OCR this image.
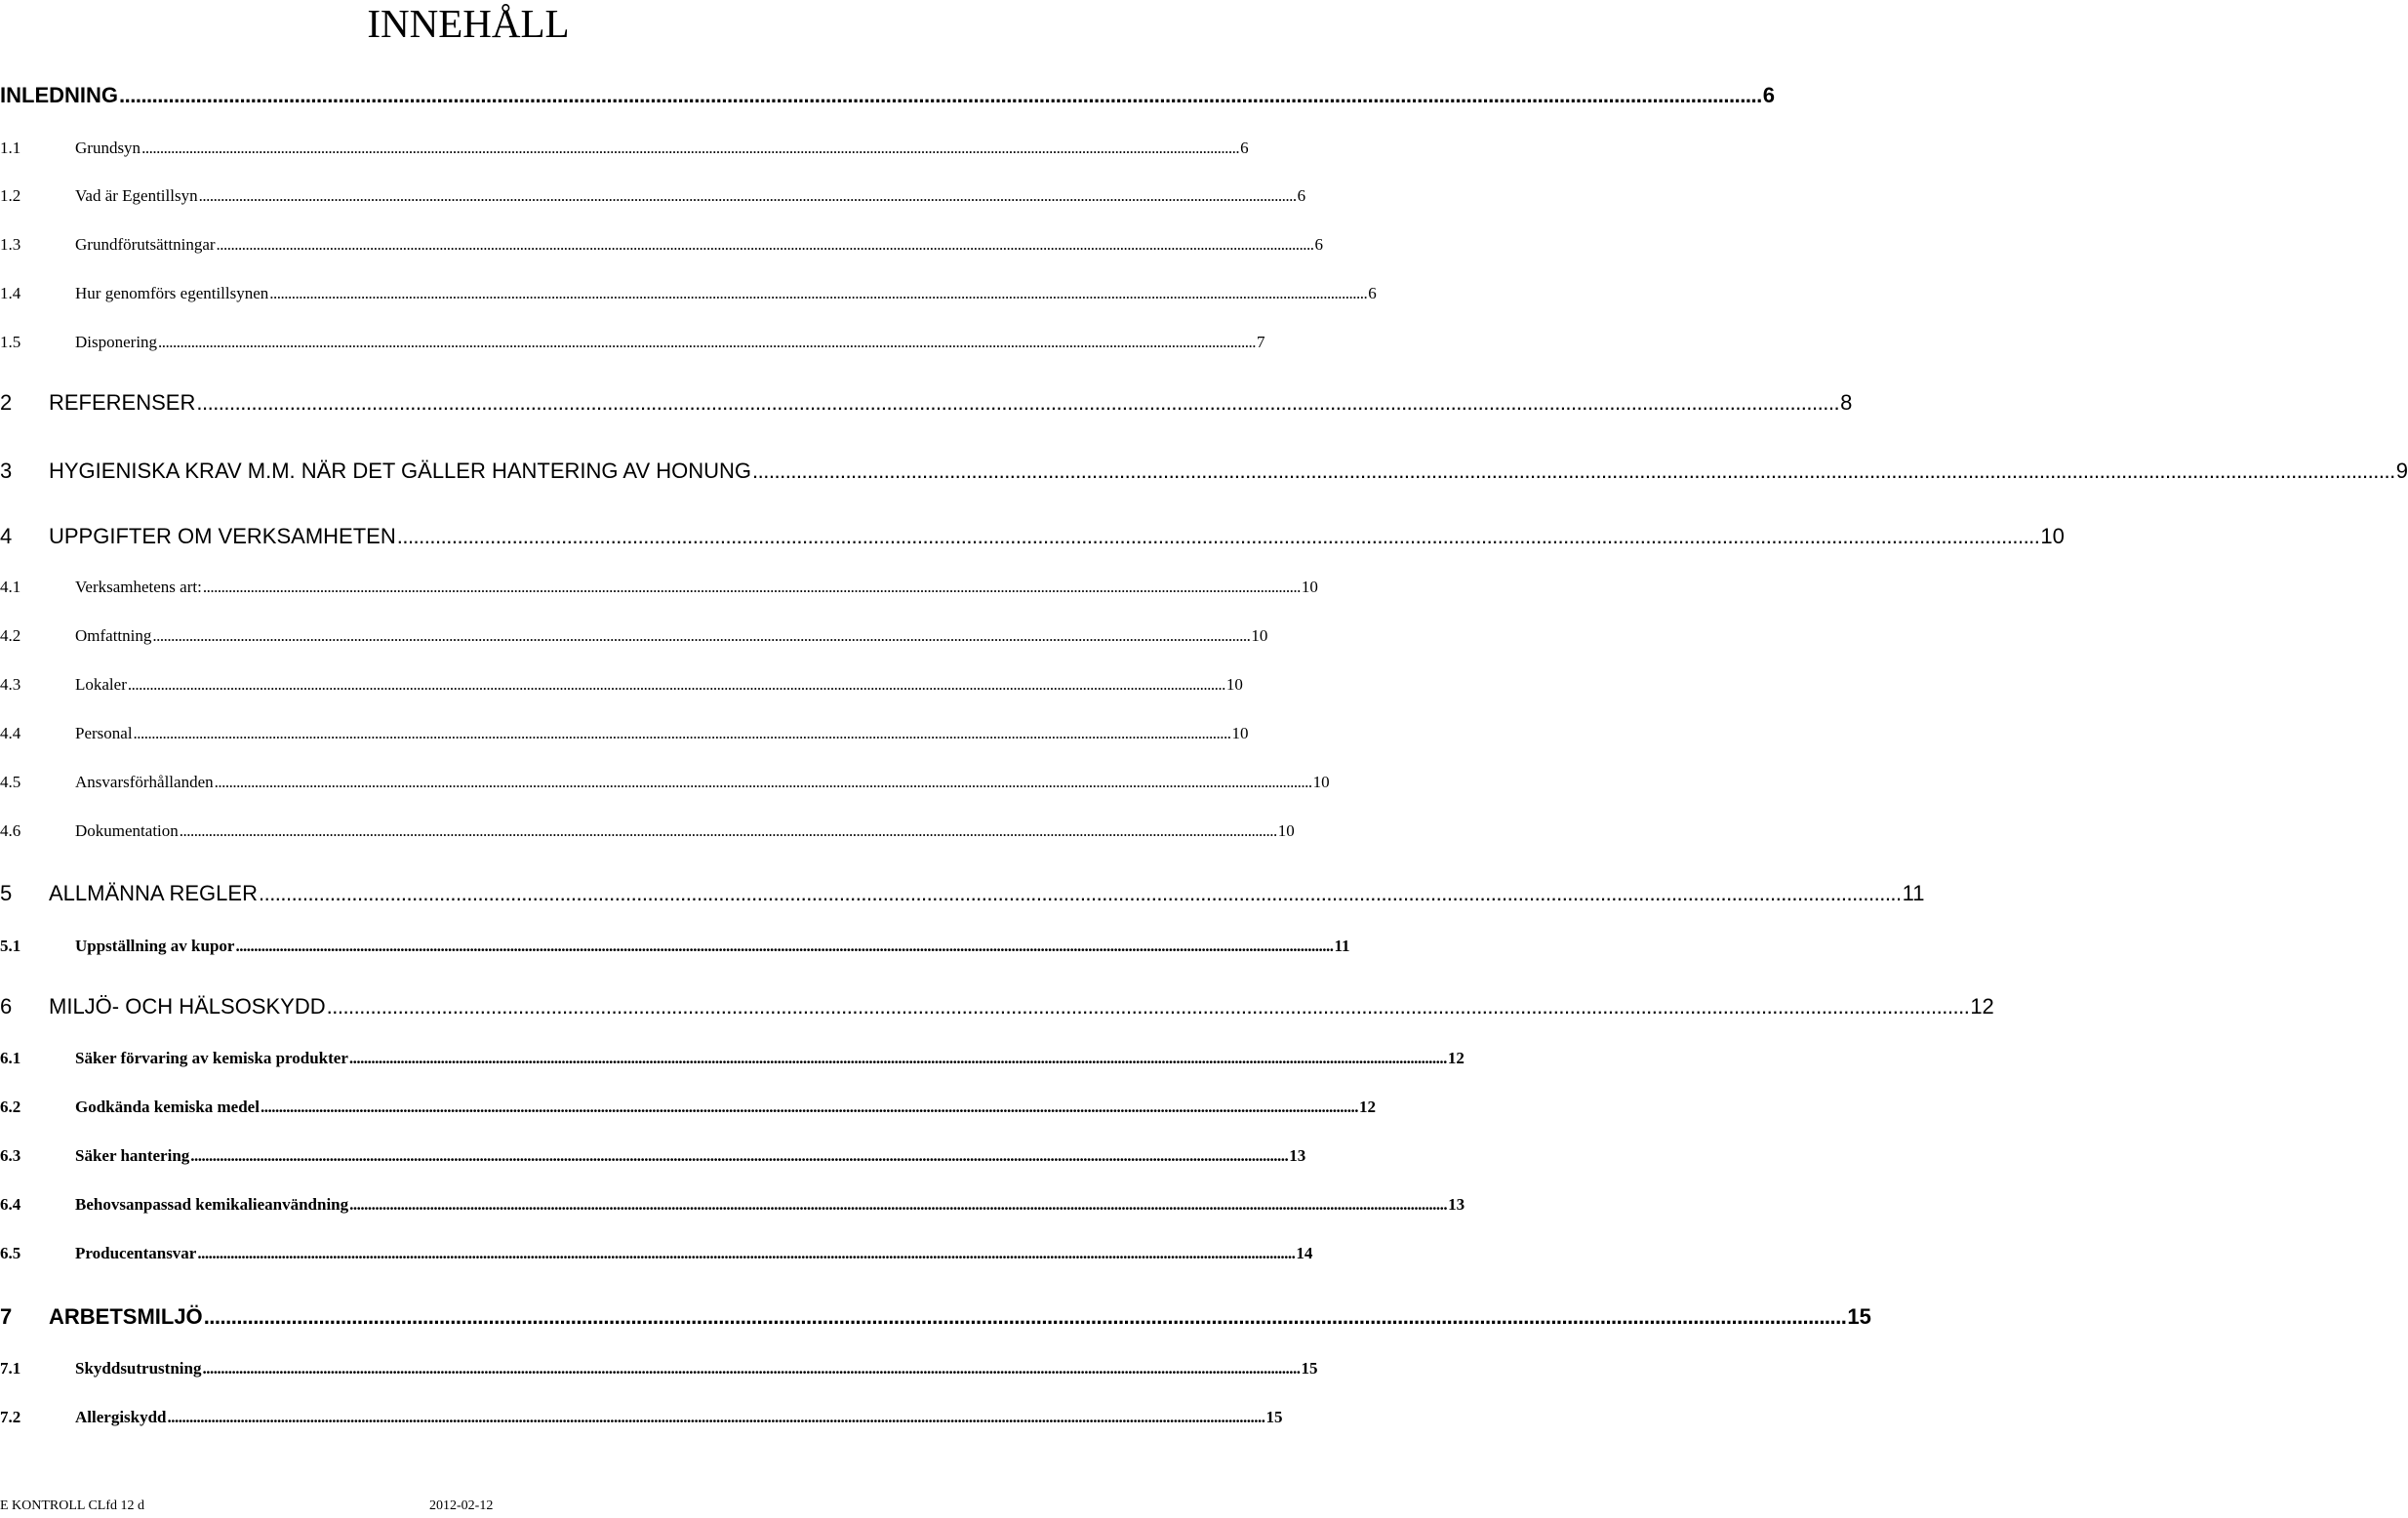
INNEHÅLL
INLEDNING ............................................................................................................................................................................................................................................................................................................ 6
1.1	Grundsyn ............................................................................................................................................................................................................................................................................................................ 6
1.2	Vad är Egentillsyn ............................................................................................................................................................................................................................................................................................................ 6
1.3	Grundförutsättningar ............................................................................................................................................................................................................................................................................................................ 6
1.4	Hur genomförs egentillsynen ............................................................................................................................................................................................................................................................................................................ 6
1.5	Disponering ............................................................................................................................................................................................................................................................................................................ 7
2 REFERENSER ............................................................................................................................................................................................................................................................................................................ 8
3 HYGIENISKA KRAV M.M. NÄR DET GÄLLER HANTERING AV HONUNG ............................................................................................................................................................................................................................................................................................................ 9
4 UPPGIFTER OM VERKSAMHETEN ............................................................................................................................................................................................................................................................................................................ 10
4.1	Verksamhetens art: ............................................................................................................................................................................................................................................................................................................ 10
4.2	Omfattning ............................................................................................................................................................................................................................................................................................................ 10
4.3	Lokaler ............................................................................................................................................................................................................................................................................................................ 10
4.4	Personal ............................................................................................................................................................................................................................................................................................................ 10
4.5	Ansvarsförhållanden ............................................................................................................................................................................................................................................................................................................ 10
4.6	Dokumentation ............................................................................................................................................................................................................................................................................................................ 10
5 ALLMÄNNA REGLER ............................................................................................................................................................................................................................................................................................................ 11
5.1	Uppställning av kupor ............................................................................................................................................................................................................................................................................................................ 11
6 MILJÖ- OCH HÄLSOSKYDD ............................................................................................................................................................................................................................................................................................................ 12
6.1	Säker förvaring av kemiska produkter ............................................................................................................................................................................................................................................................................................................ 12
6.2	Godkända kemiska medel ............................................................................................................................................................................................................................................................................................................ 12
6.3	Säker hantering ............................................................................................................................................................................................................................................................................................................ 13
6.4	Behovsanpassad kemikalieanvändning ............................................................................................................................................................................................................................................................................................................ 13
6.5	Producentansvar ............................................................................................................................................................................................................................................................................................................ 14
7 ARBETSMILJÖ ............................................................................................................................................................................................................................................................................................................ 15
7.1	Skyddsutrustning ............................................................................................................................................................................................................................................................................................................ 15
7.2	Allergiskydd ............................................................................................................................................................................................................................................................................................................ 15
E KONTROLL CLfd 12 d	2012-02-12
